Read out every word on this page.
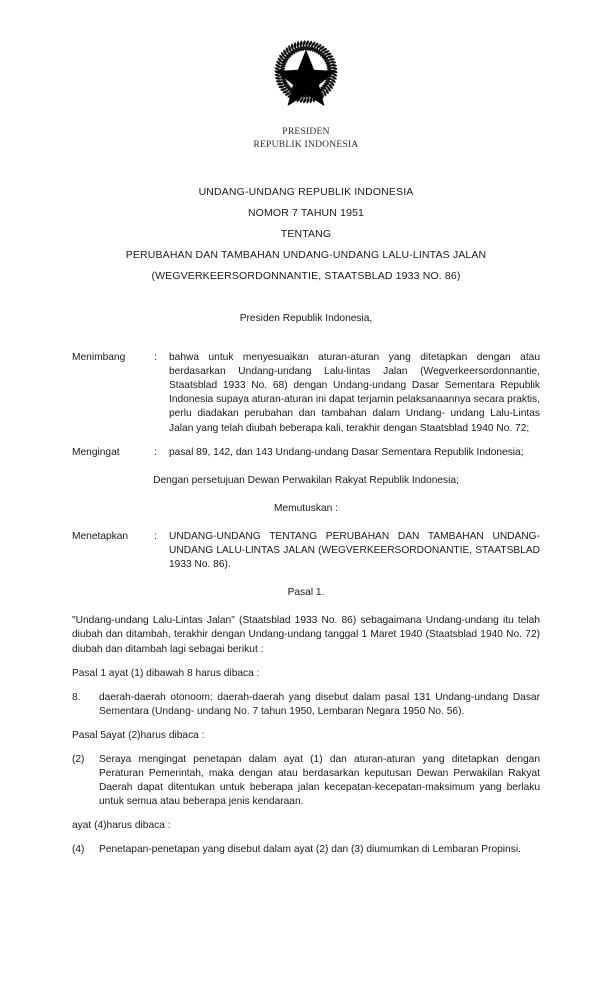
PRESIDEN
REPUBLIK INDONESIA
UNDANG-UNDANG REPUBLIK INDONESIA
NOMOR 7 TAHUN 1951
TENTANG
PERUBAHAN DAN TAMBAHAN UNDANG-UNDANG LALU-LINTAS JALAN
(WEGVERKEERSORDONNANTIE, STAATSBLAD 1933 NO. 86)
Presiden Republik Indonesia,
Menimbang	:	bahwa untuk menyesuaikan aturan-aturan yang ditetapkan dengan atau berdasarkan Undang-undang Lalu-lintas Jalan (Wegverkeersordonnantie, Staatsblad 1933 No. 68) dengan Undang-undang Dasar Sementara Republik Indonesia supaya aturan-aturan ini dapat terjamin pelaksanaannya secara praktis, perlu diadakan perubahan dan tambahan dalam Undang- undang Lalu-Lintas Jalan yang telah diubah beberapa kali, terakhir dengan Staatsblad 1940 No. 72;
Mengingat	:	pasal 89, 142, dan 143 Undang-undang Dasar Sementara Republik Indonesia;
Dengan persetujuan Dewan Perwakilan Rakyat Republik Indonesia;
Memutuskan :
Menetapkan	:	UNDANG-UNDANG TENTANG PERUBAHAN DAN TAMBAHAN UNDANG-UNDANG LALU-LINTAS JALAN (WEGVERKEERSORDONANTIE, STAATSBLAD 1933 No. 86).
Pasal 1.
"Undang-undang Lalu-Lintas Jalan" (Staatsblad 1933 No. 86) sebagaimana Undang-undang itu telah diubah dan ditambah, terakhir dengan Undang-undang tanggal 1 Maret 1940 (Staatsblad 1940 No. 72) diubah dan ditambah lagi sebagai berikut :
Pasal 1 ayat (1) dibawah 8 harus dibaca :
8.	daerah-daerah otonoom: daerah-daerah yang disebut dalam pasal 131 Undang-undang Dasar Sementara (Undang- undang No. 7 tahun 1950, Lembaran Negara 1950 No. 56).
Pasal 5ayat (2)harus dibaca :
(2)	Seraya mengingat penetapan dalam ayat (1) dan aturan-aturan yang ditetapkan dengan Peraturan Pemerintah, maka dengan atau berdasarkan keputusan Dewan Perwakilan Rakyat Daerah dapat ditentukan untuk beberapa jalan kecepatan-kecepatan-maksimum yang berlaku untuk semua atau beberapa jenis kendaraan.
ayat (4)harus dibaca :
(4)	Penetapan-penetapan yang disebut dalam ayat (2) dan (3) diumumkan di Lembaran Propinsi.
